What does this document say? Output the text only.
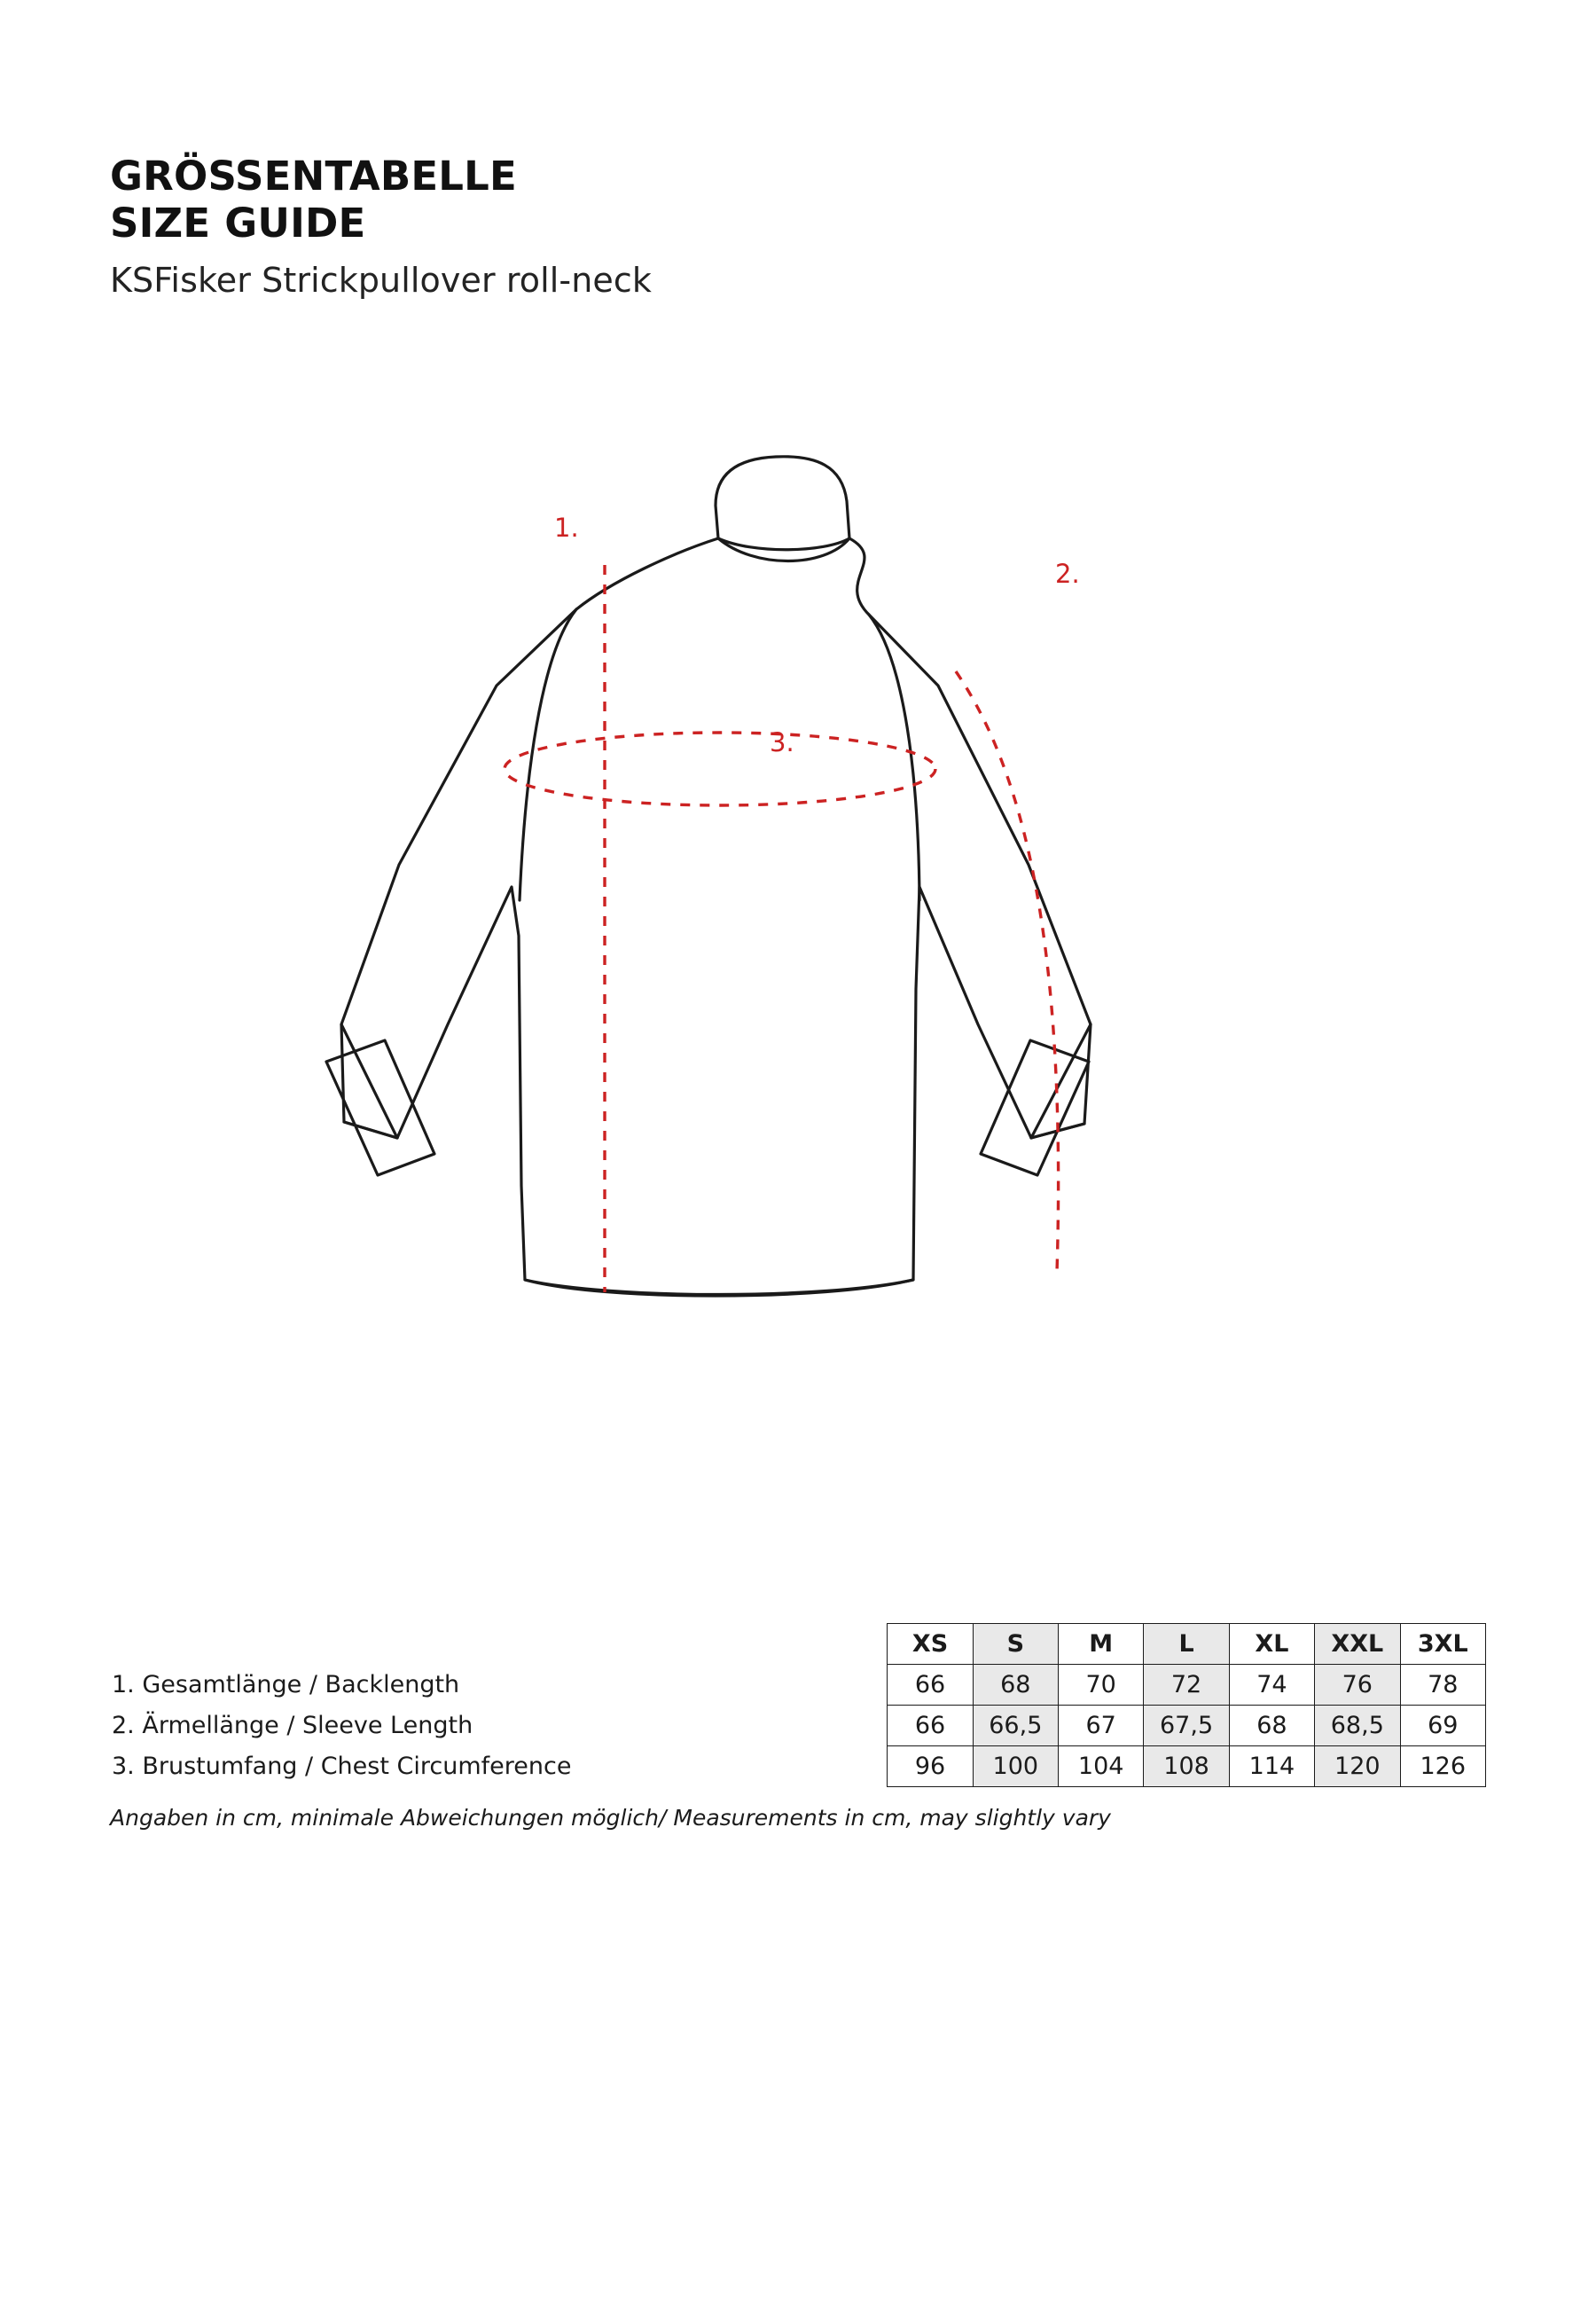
GRÖSSENTABELLE
SIZE GUIDE
KSFisker Strickpullover roll-neck
1.
2.
3.
	XS	S	M	L	XL	XXL	3XL
1. Gesamtlänge / Backlength	66	68	70	72	74	76	78
2. Ärmellänge / Sleeve Length	66	66,5	67	67,5	68	68,5	69
3. Brustumfang / Chest Circumference	96	100	104	108	114	120	126
Angaben in cm, minimale Abweichungen möglich/ Measurements in cm, may slightly vary
